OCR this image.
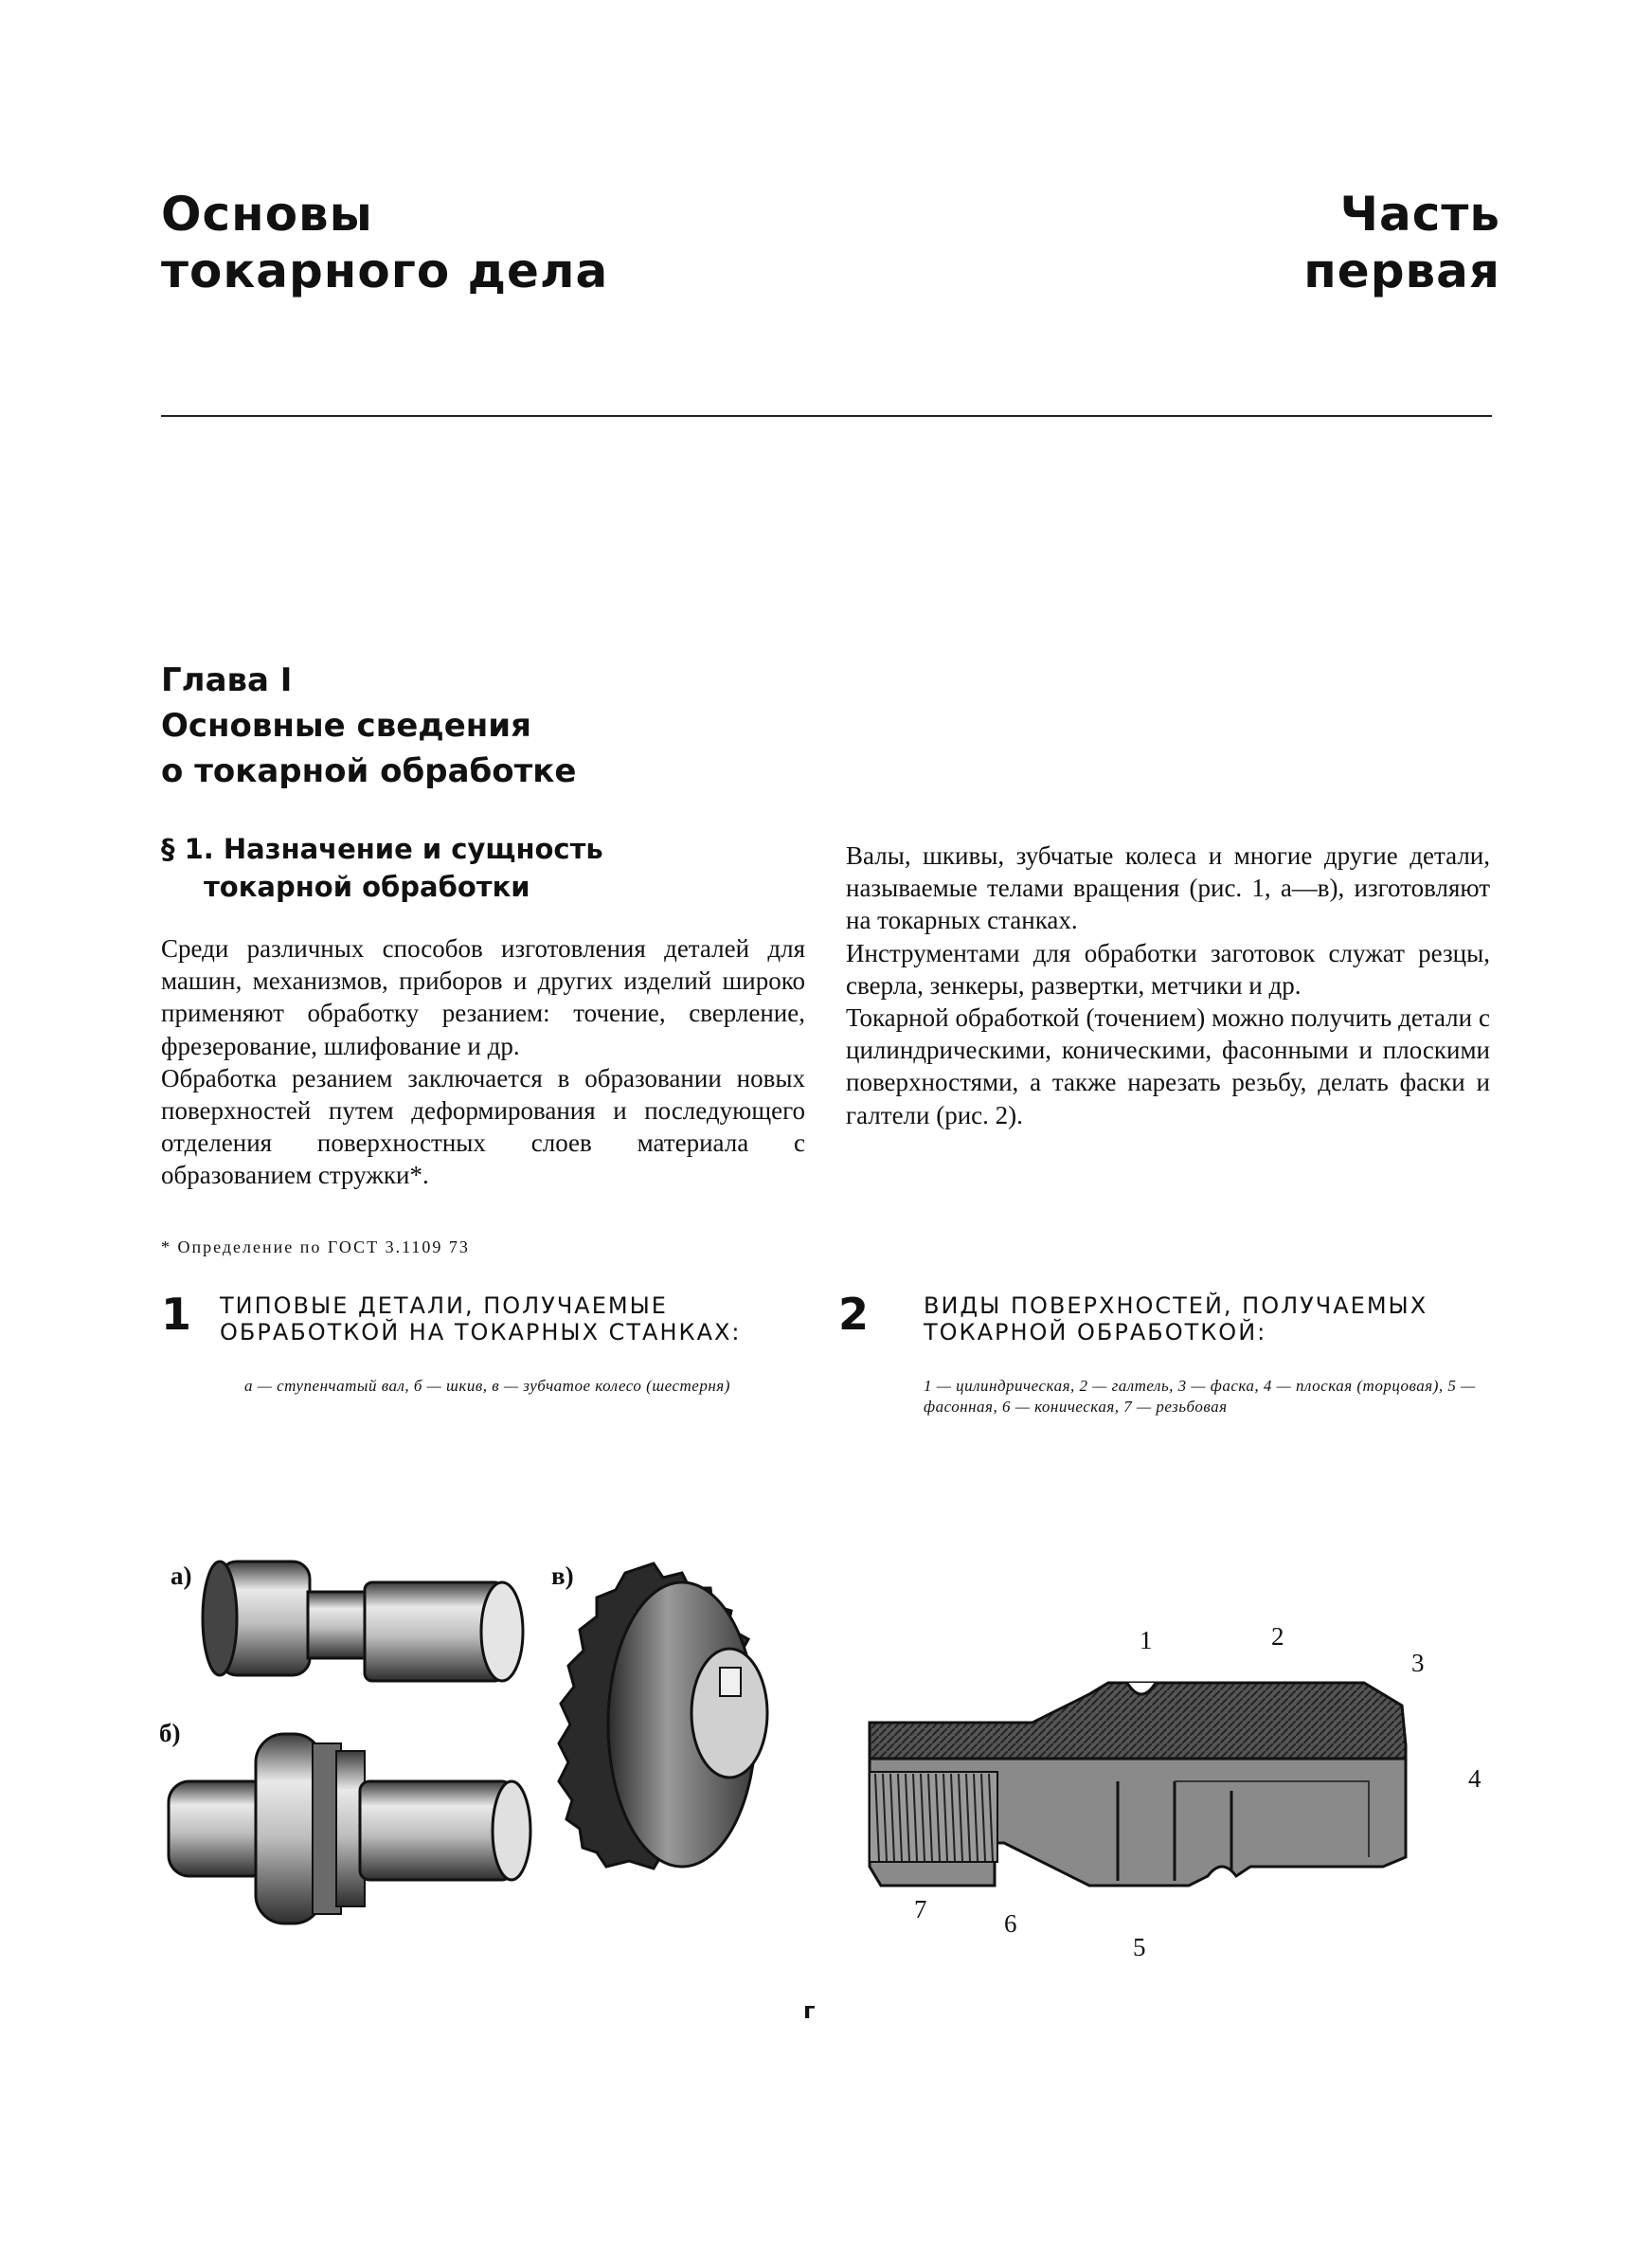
Основы
токарного дела
Часть
первая
Глава I
Основные сведения
о токарной обработке
§ 1. Назначение и сущность
токарной обработки

Среди различных способов изготовления деталей для машин, механизмов, приборов и других изделий широко применяют обработку резанием: точение, сверление, фрезерование, шлифование и др.

Обработка резанием заключается в образовании новых поверхностей путем деформирования и последующего отделения поверхностных слоев материала с образованием стружки*.

Валы, шкивы, зубчатые колеса и многие другие детали, называемые телами вращения (рис. 1, а—в), изготовляют на токарных станках.

Инструментами для обработки заготовок служат резцы, сверла, зенкеры, развертки, метчики и др.

Токарной обработкой (точением) можно получить детали с цилиндрическими, коническими, фасонными и плоскими поверхностями, а также нарезать резьбу, делать фаски и галтели (рис. 2).

* Определение по ГОСТ 3.1109 73
1 ТИПОВЫЕ ДЕТАЛИ, ПОЛУЧАЕМЫЕ ОБРАБОТКОЙ НА ТОКАРНЫХ СТАНКАХ:
а — ступенчатый вал, б — шкив, в — зубчатое колесо (шестерня)
2 ВИДЫ ПОВЕРХНОСТЕЙ, ПОЛУЧАЕМЫХ ТОКАРНОЙ ОБРАБОТКОЙ:
1 — цилиндрическая, 2 — галтель, 3 — фаска, 4 — плоская (торцовая), 5 — фасонная, 6 — коническая, 7 — резьбовая
а)
б)
в)
1	2
3
4
5
6
7
г
